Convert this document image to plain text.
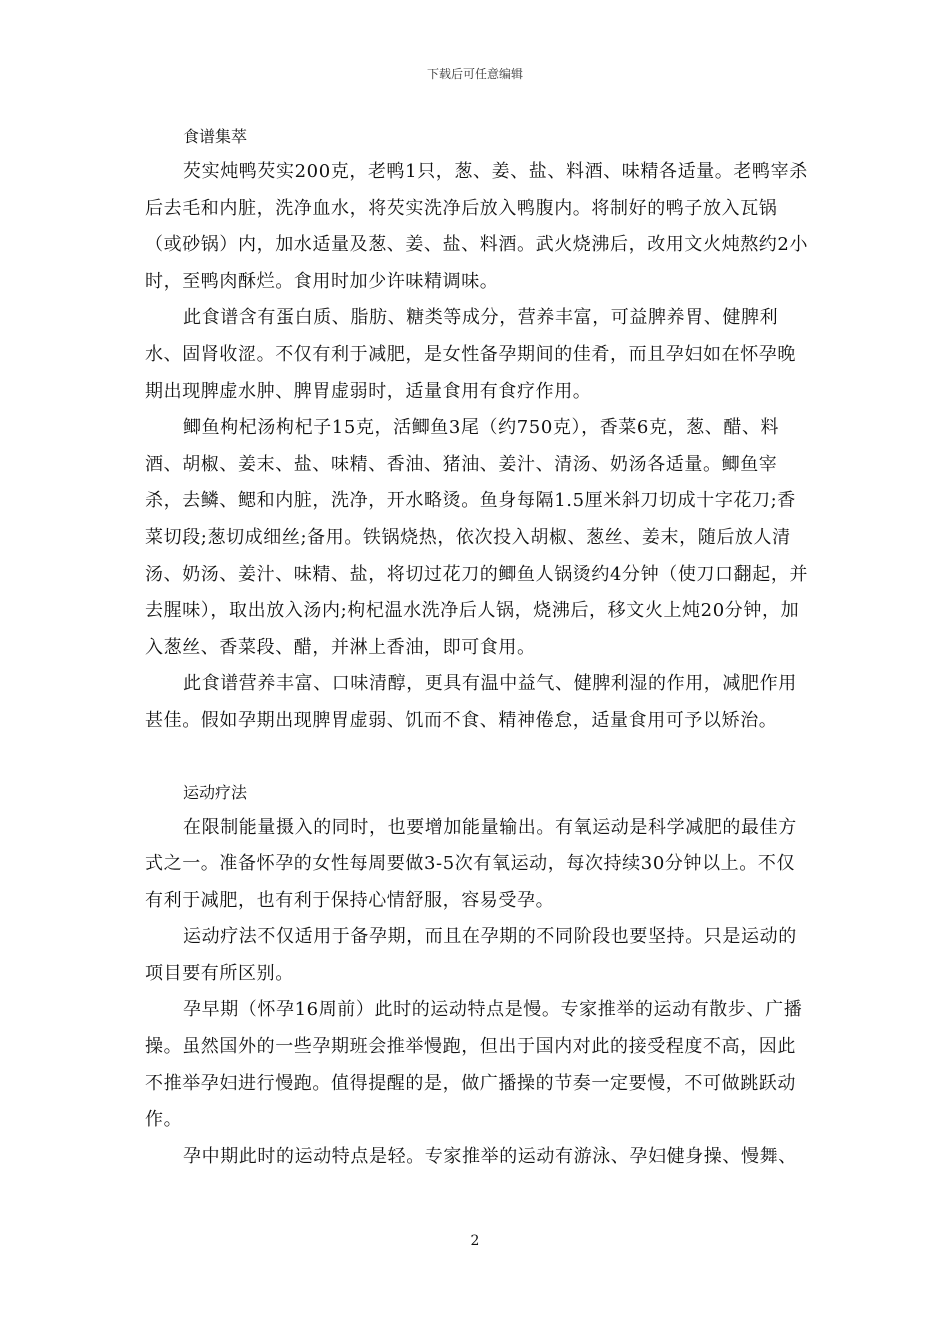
下载后可任意编辑
食谱集萃

芡实炖鸭芡实200克，老鸭1只，葱、姜、盐、料酒、味精各适量。老鸭宰杀后去毛和内脏，洗净血水，将芡实洗净后放入鸭腹内。将制好的鸭子放入瓦锅（或砂锅）内，加水适量及葱、姜、盐、料酒。武火烧沸后，改用文火炖熬约2小时，至鸭肉酥烂。食用时加少许味精调味。

此食谱含有蛋白质、脂肪、糖类等成分，营养丰富，可益脾养胃、健脾利水、固肾收涩。不仅有利于减肥，是女性备孕期间的佳肴，而且孕妇如在怀孕晚期出现脾虚水肿、脾胃虚弱时，适量食用有食疗作用。

鲫鱼枸杞汤枸杞子15克，活鲫鱼3尾（约750克），香菜6克，葱、醋、料酒、胡椒、姜末、盐、味精、香油、猪油、姜汁、清汤、奶汤各适量。鲫鱼宰杀，去鳞、鳃和内脏，洗净，开水略烫。鱼身每隔1.5厘米斜刀切成十字花刀;香菜切段;葱切成细丝;备用。铁锅烧热，依次投入胡椒、葱丝、姜末，随后放人清汤、奶汤、姜汁、味精、盐，将切过花刀的鲫鱼人锅烫约4分钟（使刀口翻起，并去腥味），取出放入汤内;枸杞温水洗净后人锅，烧沸后，移文火上炖20分钟，加入葱丝、香菜段、醋，并淋上香油，即可食用。

此食谱营养丰富、口味清醇，更具有温中益气、健脾利湿的作用，减肥作用甚佳。假如孕期出现脾胃虚弱、饥而不食、精神倦怠，适量食用可予以矫治。

运动疗法

在限制能量摄入的同时，也要增加能量输出。有氧运动是科学减肥的最佳方式之一。准备怀孕的女性每周要做3-5次有氧运动，每次持续30分钟以上。不仅有利于减肥，也有利于保持心情舒服，容易受孕。

运动疗法不仅适用于备孕期，而且在孕期的不同阶段也要坚持。只是运动的项目要有所区别。

孕早期（怀孕16周前）此时的运动特点是慢。专家推举的运动有散步、广播操。虽然国外的一些孕期班会推举慢跑，但出于国内对此的接受程度不高，因此不推举孕妇进行慢跑。值得提醒的是，做广播操的节奏一定要慢，不可做跳跃动作。

孕中期此时的运动特点是轻。专家推举的运动有游泳、孕妇健身操、慢舞、

2
